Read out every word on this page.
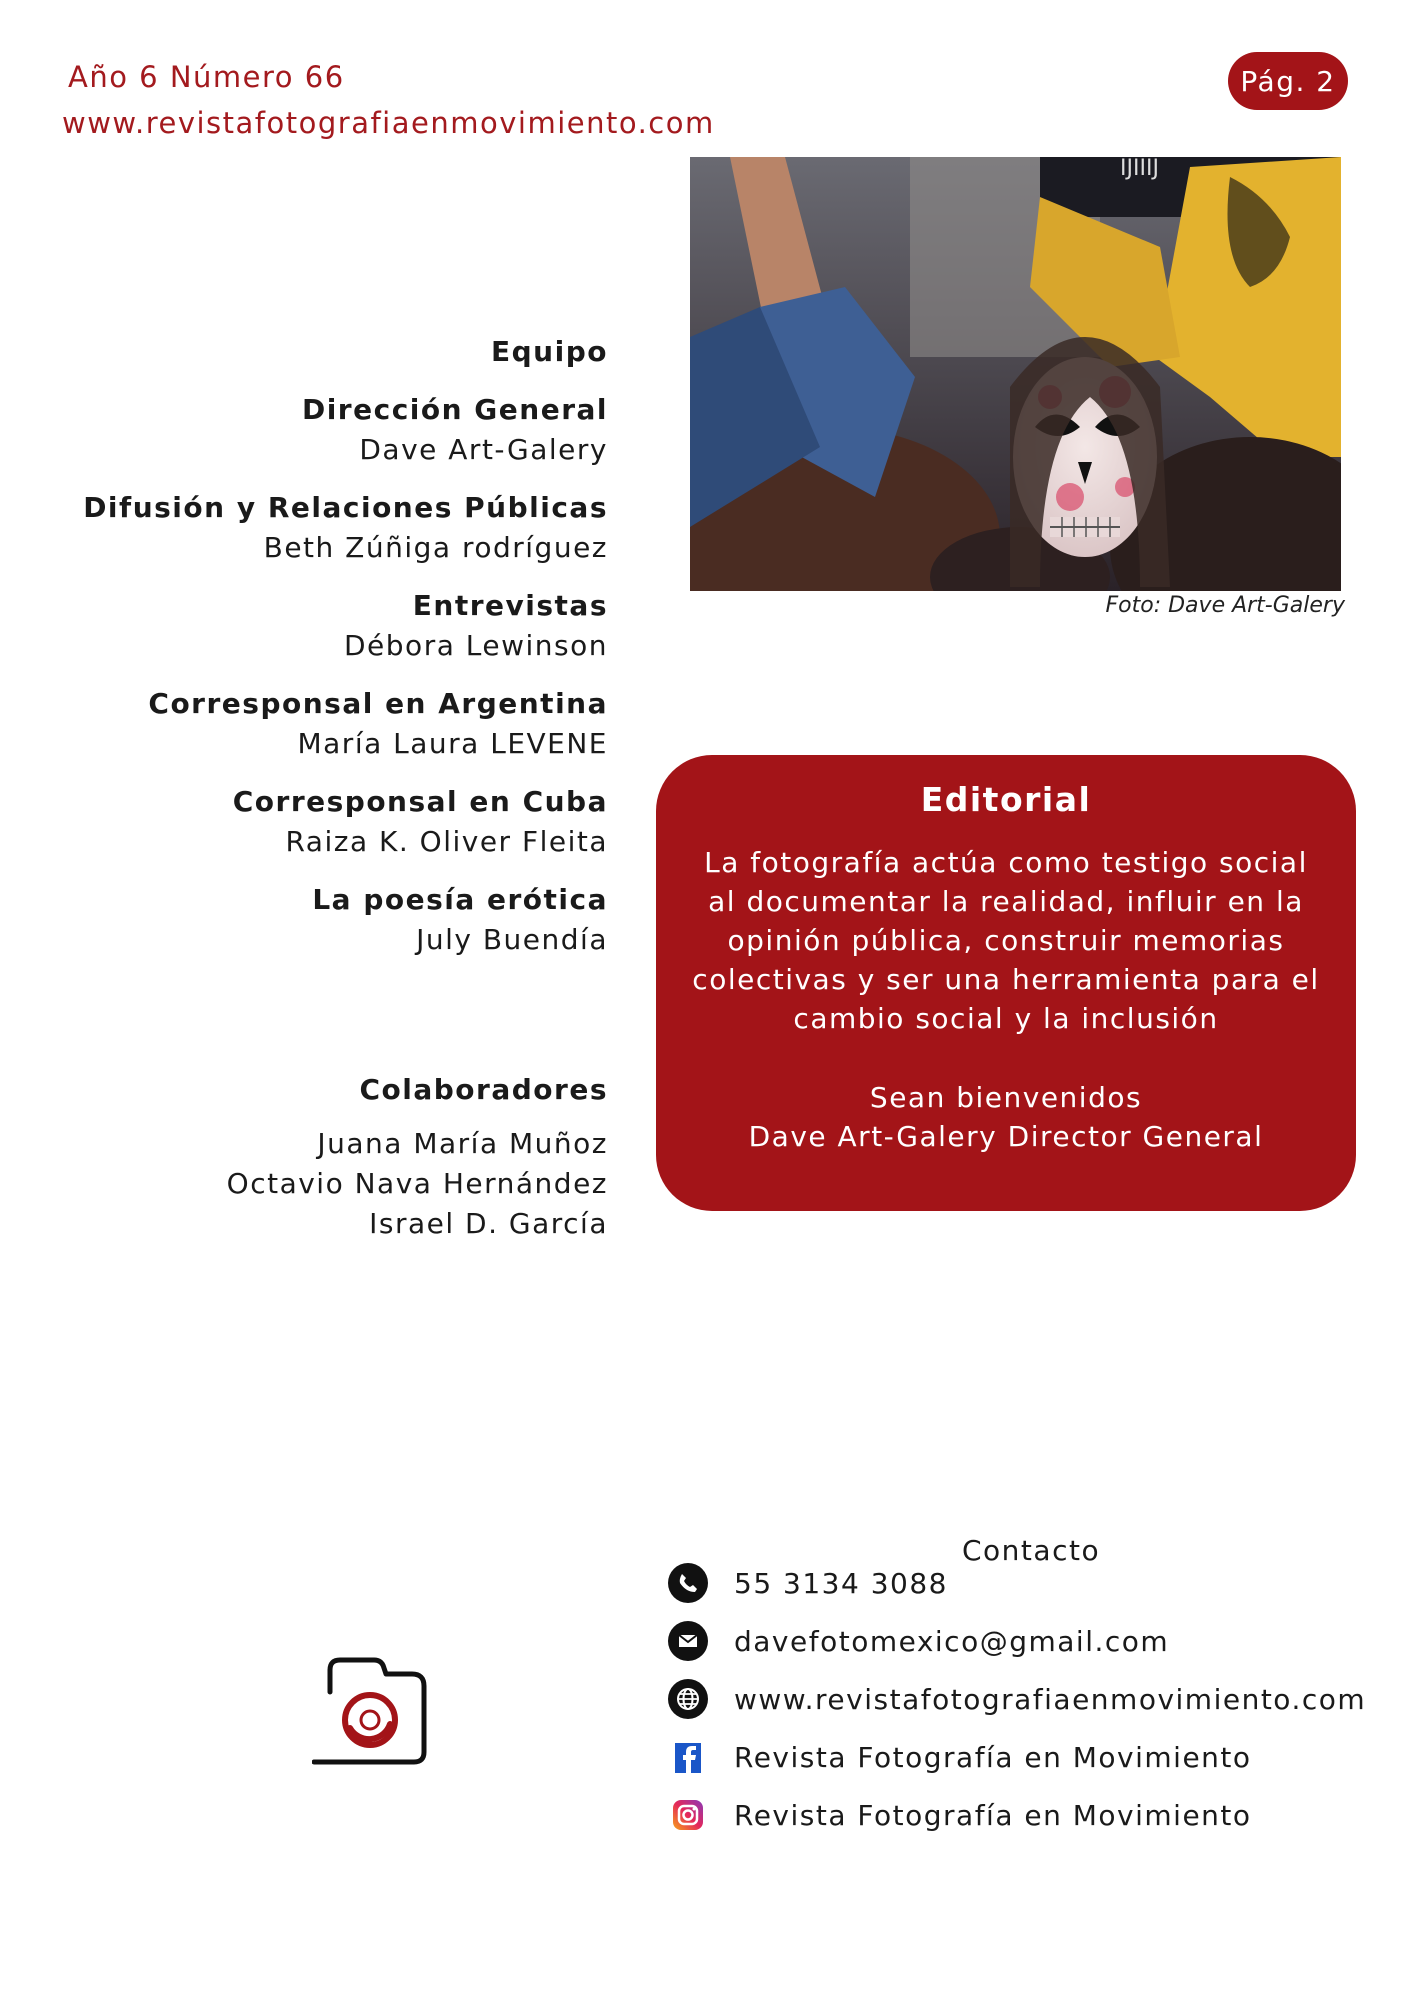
Año 6 Número 66
www.revistafotografiaenmovimiento.com
Pág. 2
IJIIIJ
Foto: Dave Art-Galery
Equipo
Dirección General
Dave Art-Galery
Difusión y Relaciones Públicas
Beth Zúñiga rodríguez
Entrevistas
Débora Lewinson
Corresponsal en Argentina
María Laura LEVENE
Corresponsal en Cuba
Raiza K. Oliver Fleita
La poesía erótica
July Buendía
Colaboradores
Juana María Muñoz
Octavio Nava Hernández
Israel D. García
Editorial
La fotografía actúa como testigo social al documentar la realidad, influir en la opinión pública, construir memorias colectivas y ser una herramienta para el cambio social y la inclusión
Sean bienvenidos
Dave Art-Galery Director General
Contacto
55 3134 3088
davefotomexico@gmail.com
www.revistafotografiaenmovimiento.com
Revista Fotografía en Movimiento
Revista Fotografía en Movimiento
